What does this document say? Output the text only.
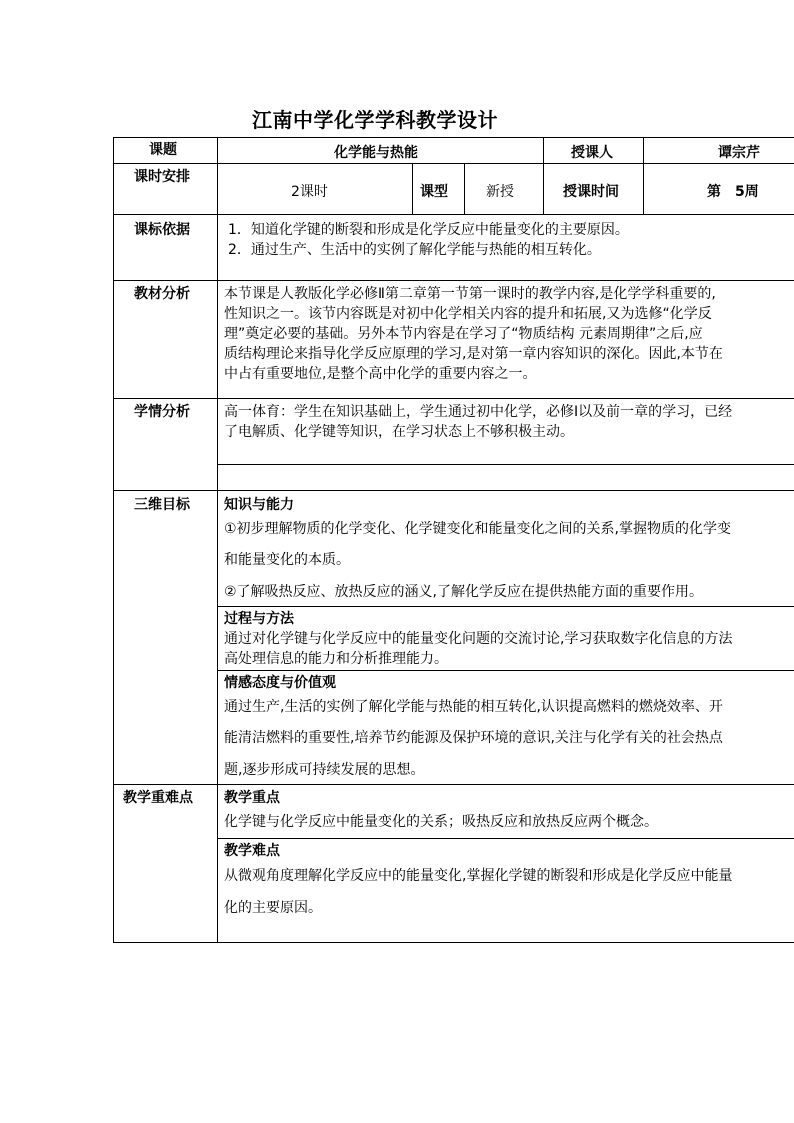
江南中学化学学科教学设计
课题	化学能与热能	授课人	谭宗芹
课时安排
2课时	课型	新授	授课时间	第　5周
课标依据	1．知道化学键的断裂和形成是化学反应中能量变化的主要原因。
2．通过生产、生活中的实例了解化学能与热能的相互转化。
教材分析 本节课是人教版化学必修Ⅱ第二章第一节第一课时的教学内容,是化学学科重要的,
性知识之一。该节内容既是对初中化学相关内容的提升和拓展,又为选修“化学反
理”奠定必要的基础。另外本节内容是在学习了“物质结构 元素周期律”之后,应
质结构理论来指导化学反应原理的学习,是对第一章内容知识的深化。因此,本节在
中占有重要地位,是整个高中化学的重要内容之一。
学情分析 高一体育：学生在知识基础上，学生通过初中化学，必修Ⅰ以及前一章的学习，已经
了电解质、化学键等知识，在学习状态上不够积极主动。
三维目标 知识与能力
①初步理解物质的化学变化、化学键变化和能量变化之间的关系,掌握物质的化学变
和能量变化的本质。
②了解吸热反应、放热反应的涵义,了解化学反应在提供热能方面的重要作用。
过程与方法
通过对化学键与化学反应中的能量变化问题的交流讨论,学习获取数字化信息的方法
高处理信息的能力和分析推理能力。
情感态度与价值观
通过生产,生活的实例了解化学能与热能的相互转化,认识提高燃料的燃烧效率、开
能清洁燃料的重要性,培养节约能源及保护环境的意识,关注与化学有关的社会热点
题,逐步形成可持续发展的思想。
教学重难点 教学重点
化学键与化学反应中能量变化的关系；吸热反应和放热反应两个概念。
教学难点
从微观角度理解化学反应中的能量变化,掌握化学键的断裂和形成是化学反应中能量
化的主要原因。
